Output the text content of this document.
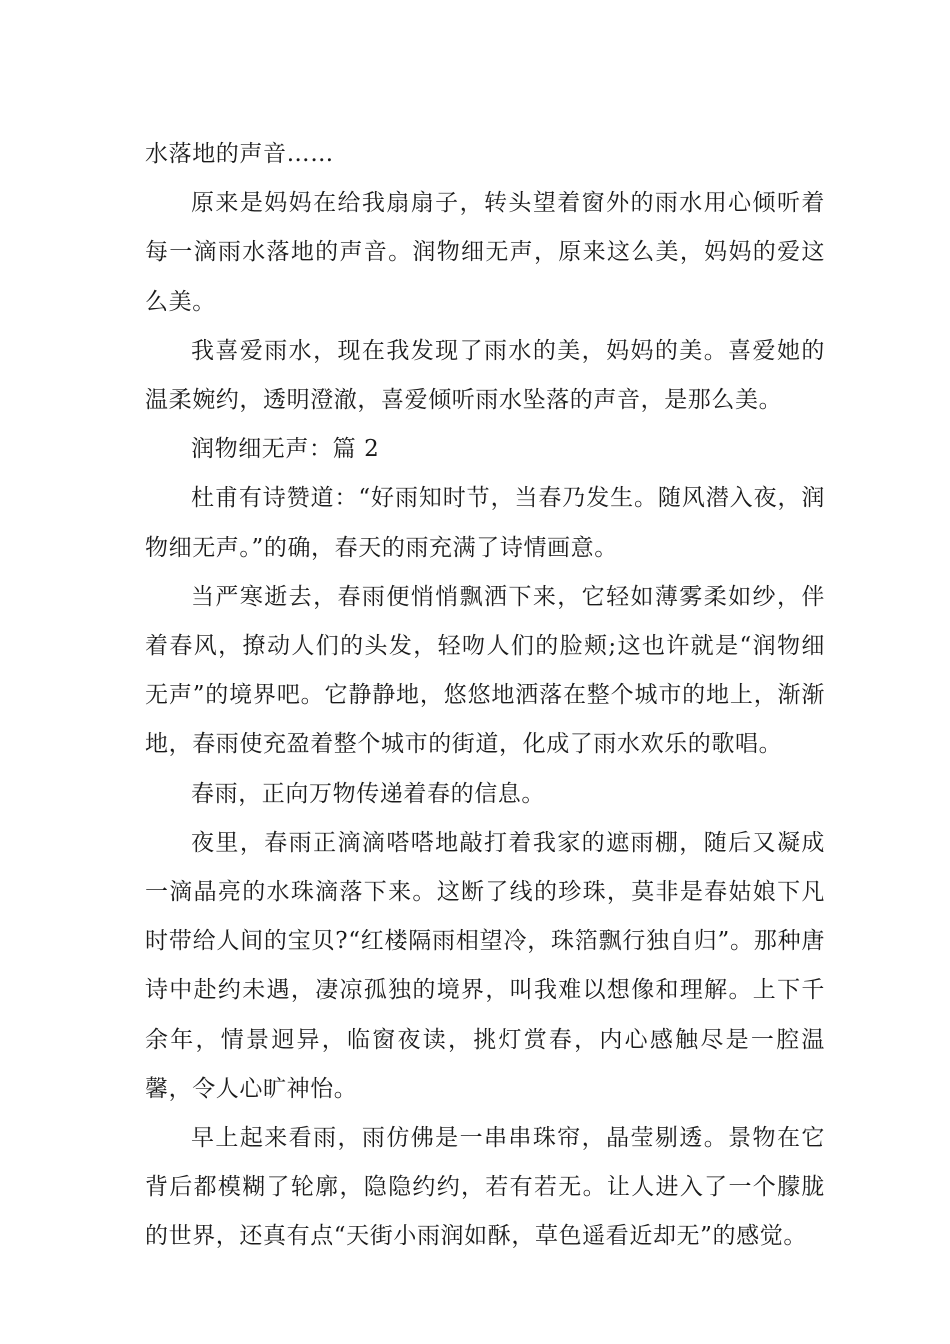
水落地的声音……

原来是妈妈在给我扇扇子，转头望着窗外的雨水用心倾听着每一滴雨水落地的声音。润物细无声，原来这么美，妈妈的爱这么美。

我喜爱雨水，现在我发现了雨水的美，妈妈的美。喜爱她的温柔婉约，透明澄澈，喜爱倾听雨水坠落的声音，是那么美。

润物细无声：篇 2

杜甫有诗赞道：“好雨知时节，当春乃发生。随风潜入夜，润物细无声。”的确，春天的雨充满了诗情画意。

当严寒逝去，春雨便悄悄飘洒下来，它轻如薄雾柔如纱，伴着春风，撩动人们的头发，轻吻人们的脸颊;这也许就是“润物细无声”的境界吧。它静静地，悠悠地洒落在整个城市的地上，渐渐地，春雨使充盈着整个城市的街道，化成了雨水欢乐的歌唱。

春雨，正向万物传递着春的信息。

夜里，春雨正滴滴嗒嗒地敲打着我家的遮雨棚，随后又凝成一滴晶亮的水珠滴落下来。这断了线的珍珠，莫非是春姑娘下凡时带给人间的宝贝?“红楼隔雨相望冷，珠箔飘行独自归”。那种唐诗中赴约未遇，凄凉孤独的境界，叫我难以想像和理解。上下千余年，情景迥异，临窗夜读，挑灯赏春，内心感触尽是一腔温馨，令人心旷神怡。

早上起来看雨，雨仿佛是一串串珠帘，晶莹剔透。景物在它背后都模糊了轮廓，隐隐约约，若有若无。让人进入了一个朦胧的世界，还真有点“天街小雨润如酥，草色遥看近却无”的感觉。
